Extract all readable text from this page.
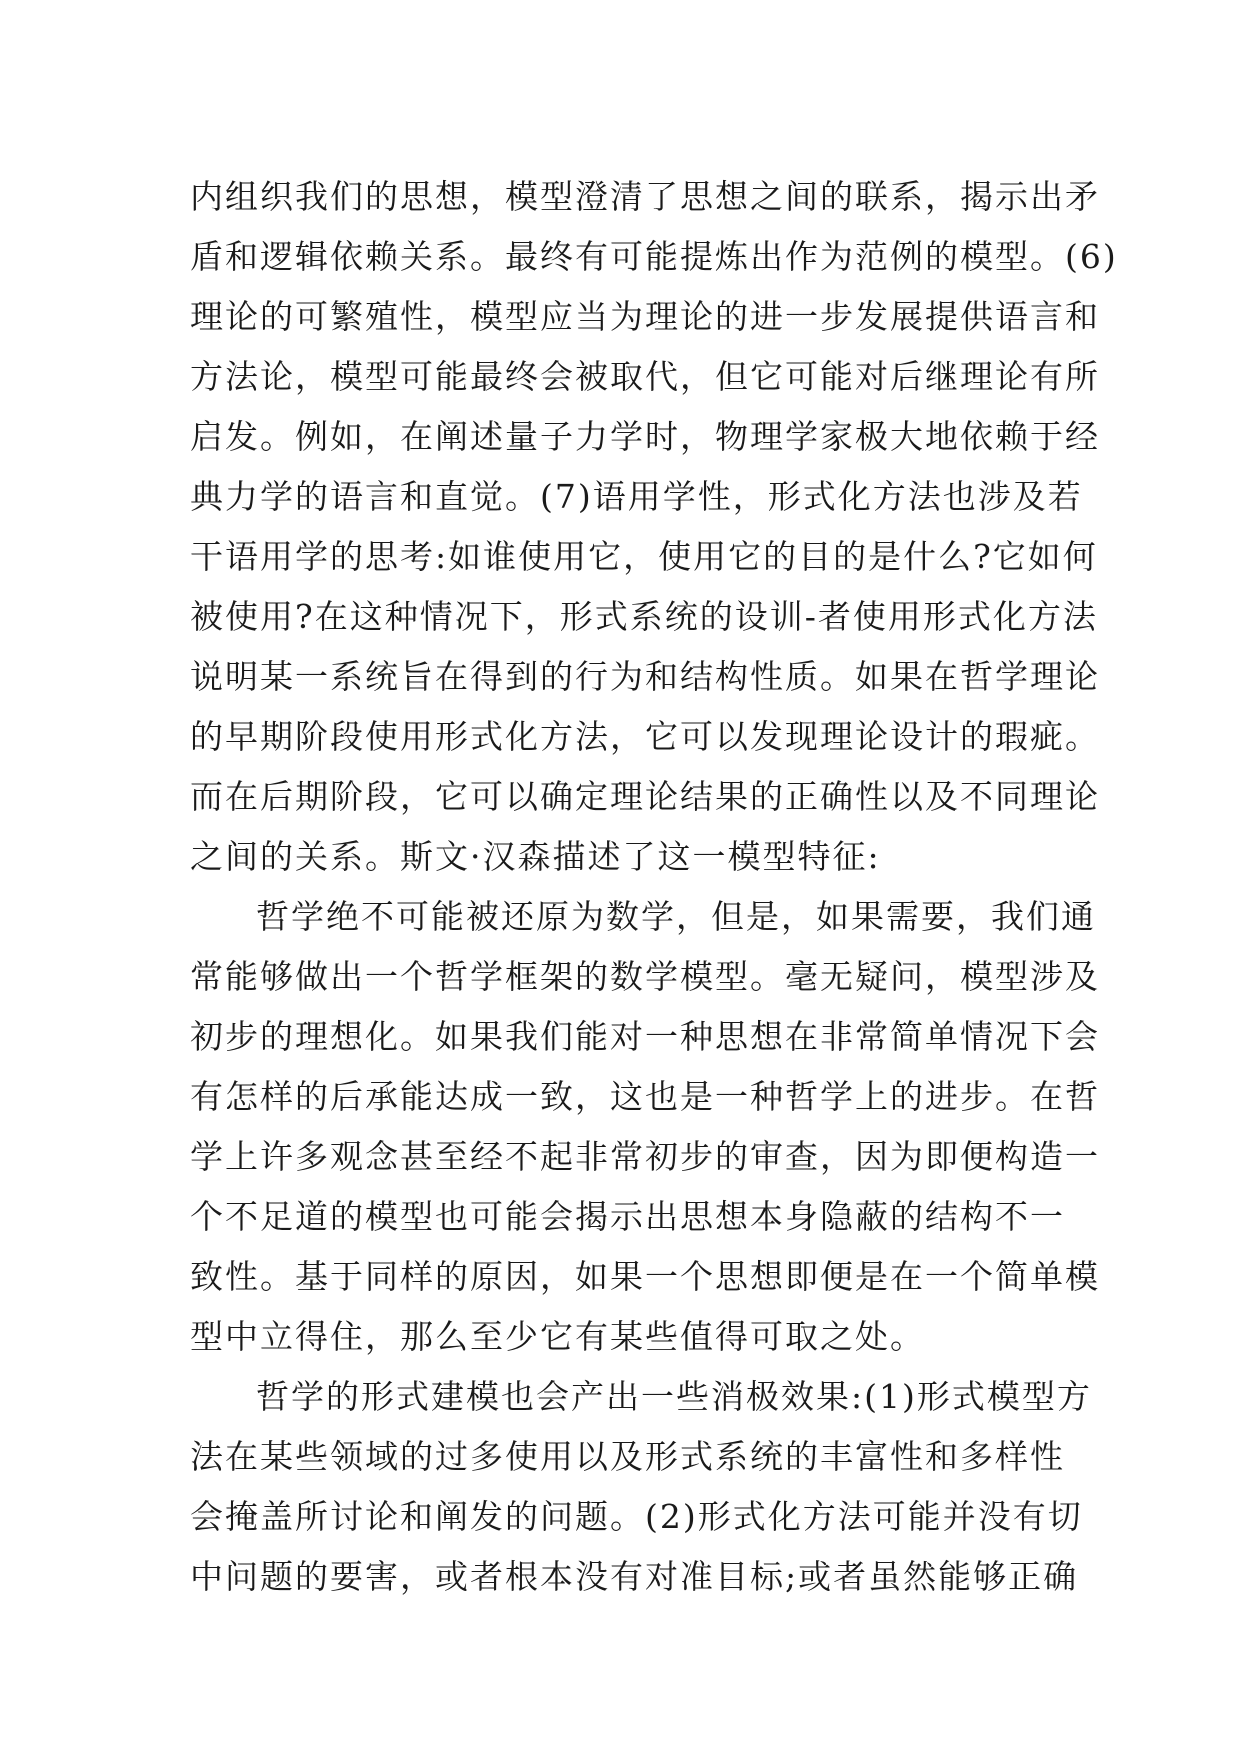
内组织我们的思想，模型澄清了思想之间的联系，揭示出矛
盾和逻辑依赖关系。最终有可能提炼出作为范例的模型。(6)
理论的可繁殖性，模型应当为理论的进一步发展提供语言和
方法论，模型可能最终会被取代，但它可能对后继理论有所
启发。例如，在阐述量子力学时，物理学家极大地依赖于经
典力学的语言和直觉。(7)语用学性，形式化方法也涉及若
干语用学的思考:如谁使用它，使用它的目的是什么?它如何
被使用?在这种情况下，形式系统的设训-者使用形式化方法
说明某一系统旨在得到的行为和结构性质。如果在哲学理论
的早期阶段使用形式化方法，它可以发现理论设计的瑕疵。
而在后期阶段，它可以确定理论结果的正确性以及不同理论
之间的关系。斯文·汉森描述了这一模型特征:
哲学绝不可能被还原为数学，但是，如果需要，我们通
常能够做出一个哲学框架的数学模型。毫无疑问，模型涉及
初步的理想化。如果我们能对一种思想在非常简单情况下会
有怎样的后承能达成一致，这也是一种哲学上的进步。在哲
学上许多观念甚至经不起非常初步的审查，因为即便构造一
个不足道的模型也可能会揭示出思想本身隐蔽的结构不一
致性。基于同样的原因，如果一个思想即便是在一个简单模
型中立得住，那么至少它有某些值得可取之处。
哲学的形式建模也会产出一些消极效果:(1)形式模型方
法在某些领域的过多使用以及形式系统的丰富性和多样性
会掩盖所讨论和阐发的问题。(2)形式化方法可能并没有切
中问题的要害，或者根本没有对准目标;或者虽然能够正确
